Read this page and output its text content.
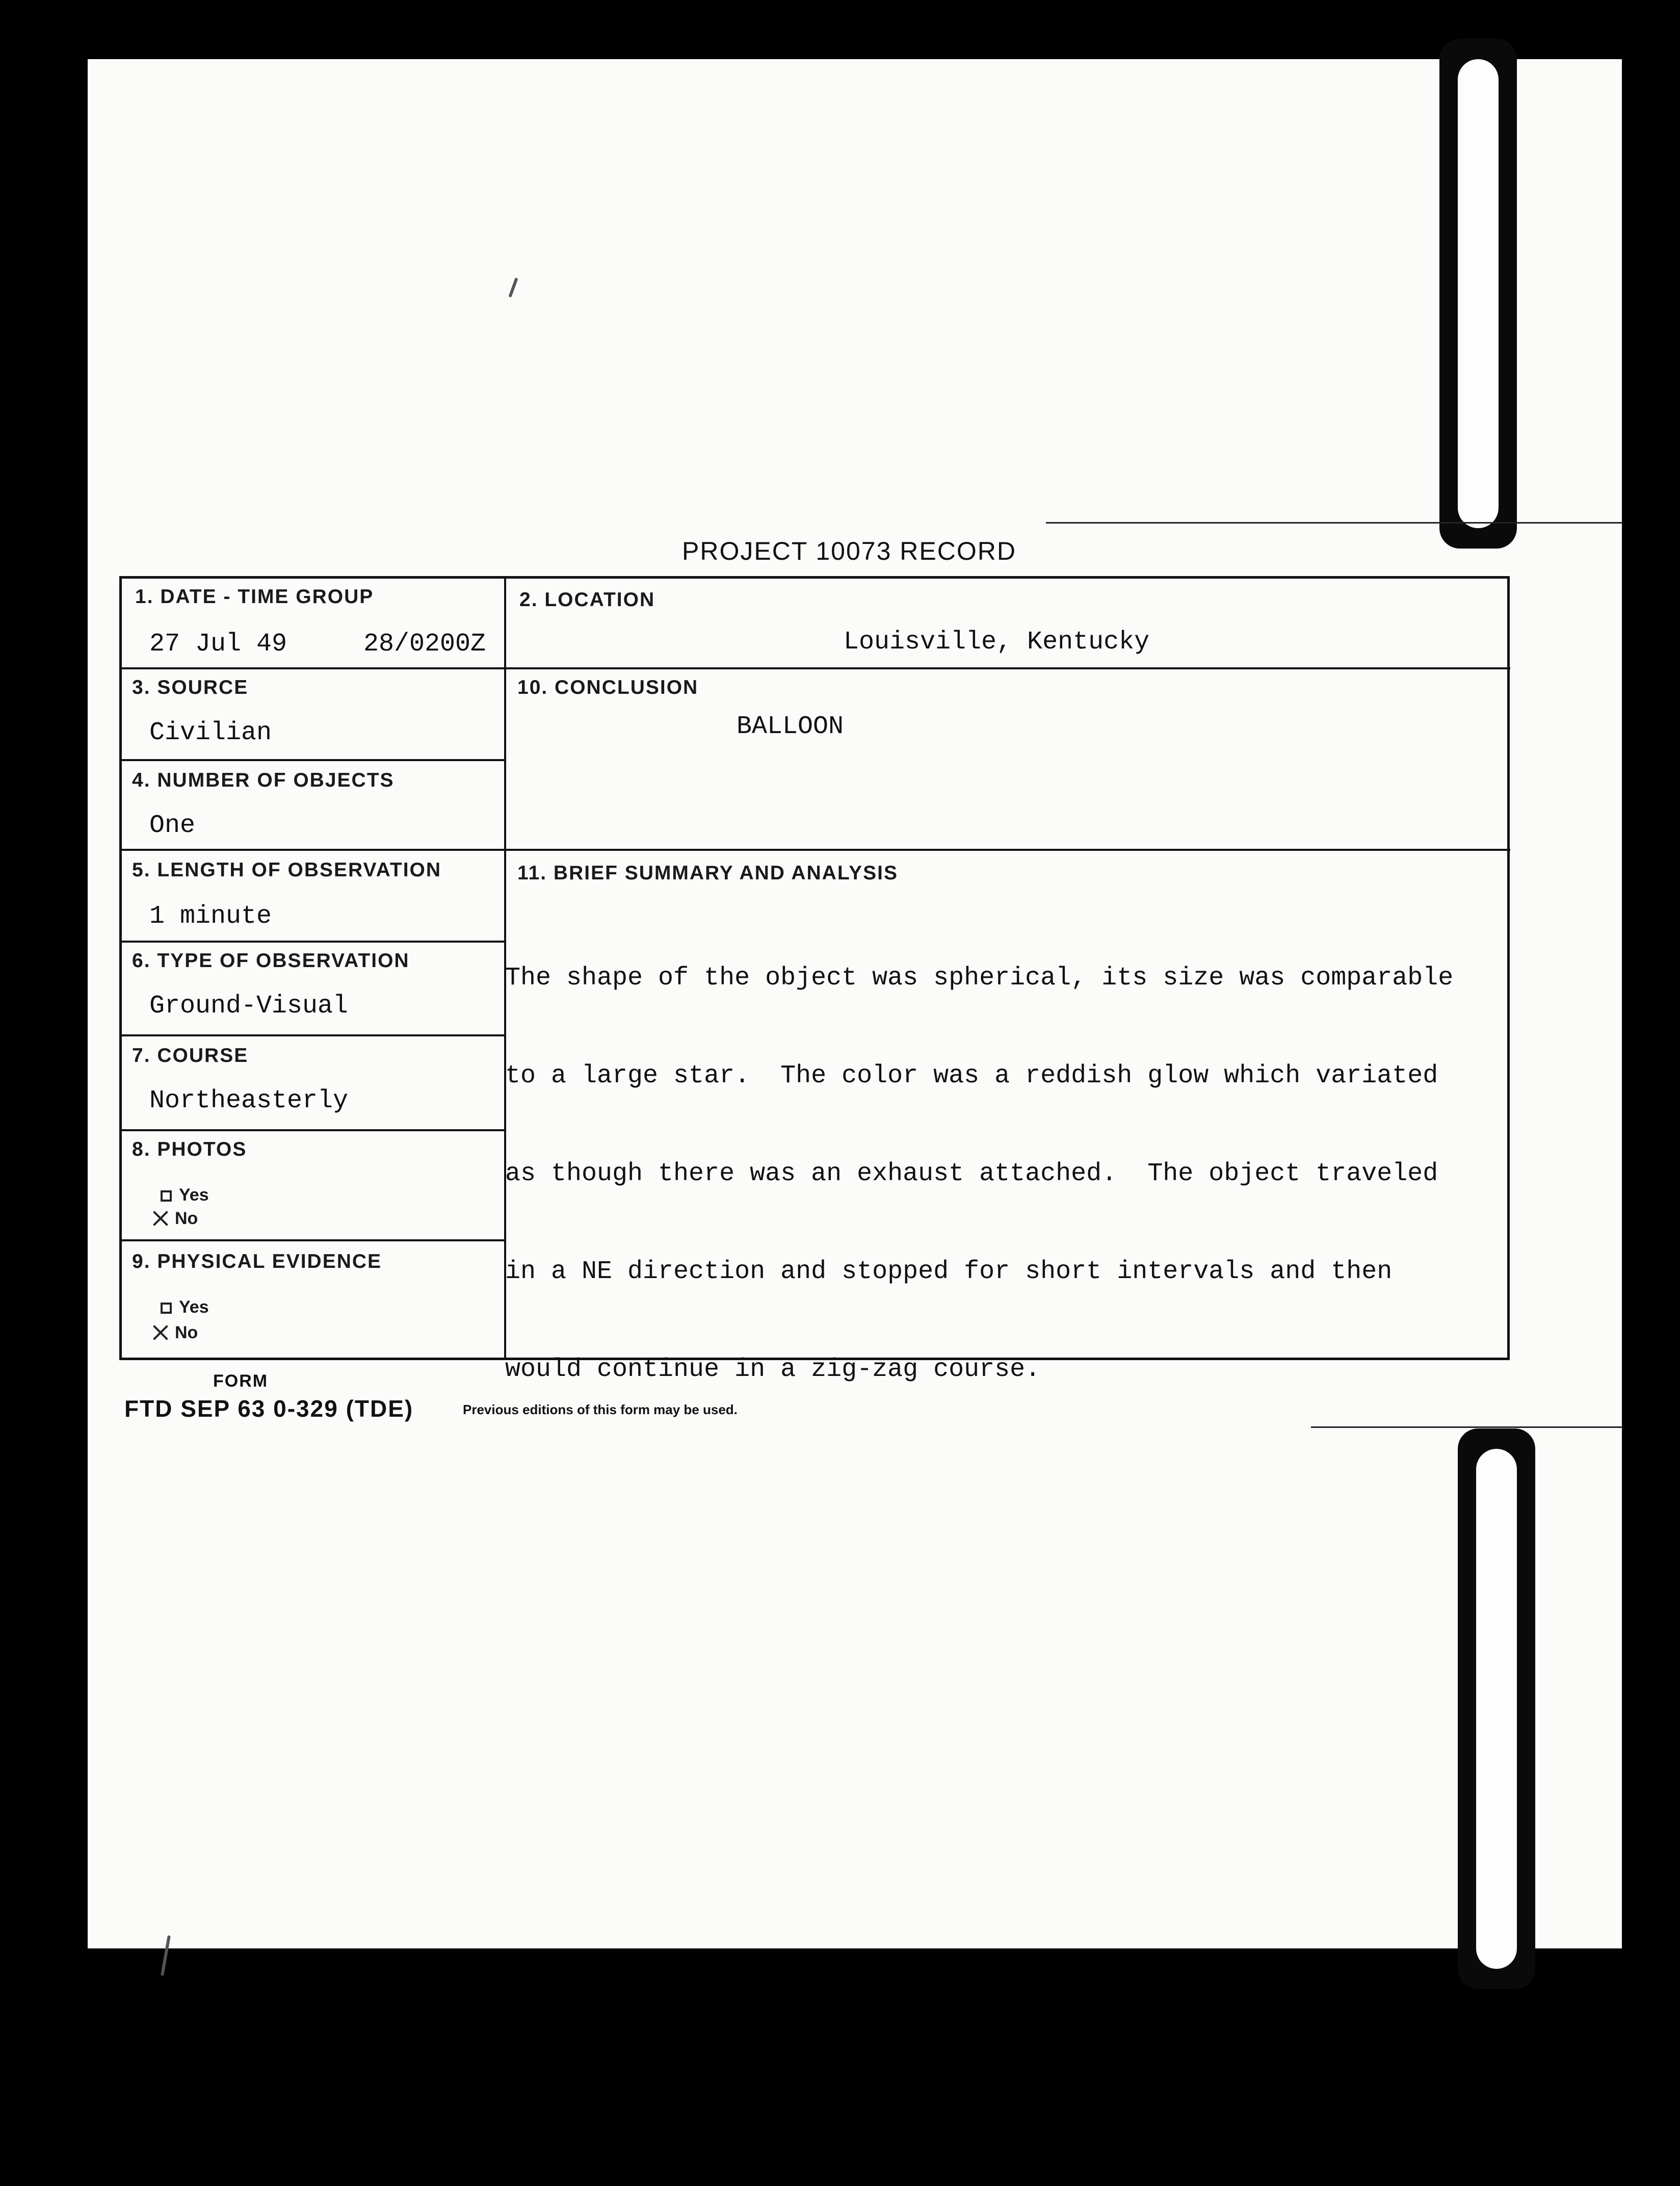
PROJECT 10073 RECORD
1. DATE - TIME GROUP
27 Jul 49	28/0200Z
2. LOCATION
Louisville, Kentucky
3. SOURCE
Civilian
10. CONCLUSION
BALLOON
4. NUMBER OF OBJECTS
One
5. LENGTH OF OBSERVATION
1 minute
11. BRIEF SUMMARY AND ANALYSIS

The shape of the object was spherical, its size was comparable

to a large star.  The color was a reddish glow which variated

as though there was an exhaust attached.  The object traveled

in a NE direction and stopped for short intervals and then

would continue in a zig-zag course.

6. TYPE OF OBSERVATION
Ground-Visual
7. COURSE
Northeasterly
8. PHOTOS
Yes
No
9. PHYSICAL EVIDENCE
Yes
No
FORM
FTD SEP 63 0-329 (TDE)	Previous editions of this form may be used.
